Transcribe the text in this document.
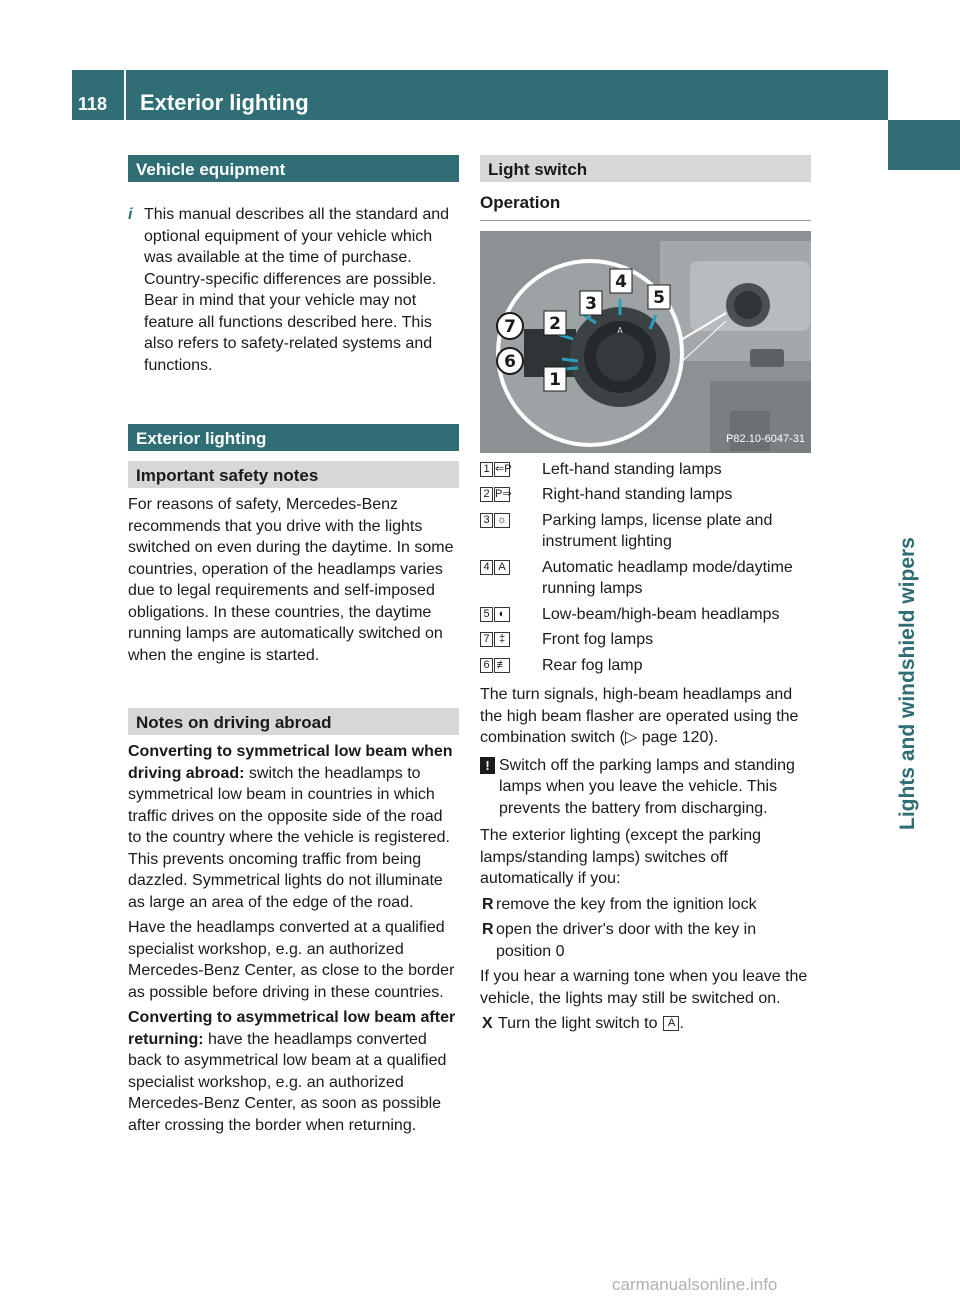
118 Exterior lighting
Lights and windshield wipers
Vehicle equipment
i This manual describes all the standard and optional equipment of your vehicle which was available at the time of purchase. Country-specific differences are possible. Bear in mind that your vehicle may not feature all functions described here. This also refers to safety-related systems and functions.
Exterior lighting
Important safety notes

For reasons of safety, Mercedes-Benz recommends that you drive with the lights switched on even during the daytime. In some countries, operation of the headlamps varies due to legal requirements and self-imposed obligations. In these countries, the daytime running lamps are automatically switched on when the engine is started.

Notes on driving abroad

Converting to symmetrical low beam when driving abroad: switch the headlamps to symmetrical low beam in countries in which traffic drives on the opposite side of the road to the country where the vehicle is registered. This prevents oncoming traffic from being dazzled. Symmetrical lights do not illuminate as large an area of the edge of the road.

Have the headlamps converted at a qualified specialist workshop, e.g. an authorized Mercedes-Benz Center, as close to the border as possible before driving in these countries.

Converting to asymmetrical low beam after returning: have the headlamps converted back to asymmetrical low beam at a qualified specialist workshop, e.g. an authorized Mercedes-Benz Center, as soon as possible after crossing the border when returning.

Light switch
Operation
A
1
2
3
4
5
6
7
P82.10-6047-31
1 ⇐P Left-hand standing lamps
2 P⇒ Right-hand standing lamps
3 ☼ Parking lamps, license plate and instrument lighting
4 A Automatic headlamp mode/daytime running lamps
5 ◐ Low-beam/high-beam headlamps
7 ‡	Front fog lamps
6 ≢ Rear fog lamp

The turn signals, high-beam headlamps and the high beam flasher are operated using the combination switch (▷ page 120).

! Switch off the parking lamps and standing lamps when you leave the vehicle. This prevents the battery from discharging.

The exterior lighting (except the parking lamps/standing lamps) switches off automatically if you:

R remove the key from the ignition lock
R open the driver's door with the key in position 0

If you hear a warning tone when you leave the vehicle, the lights may still be switched on.

X Turn the light switch to A .
carmanualsonline.info
